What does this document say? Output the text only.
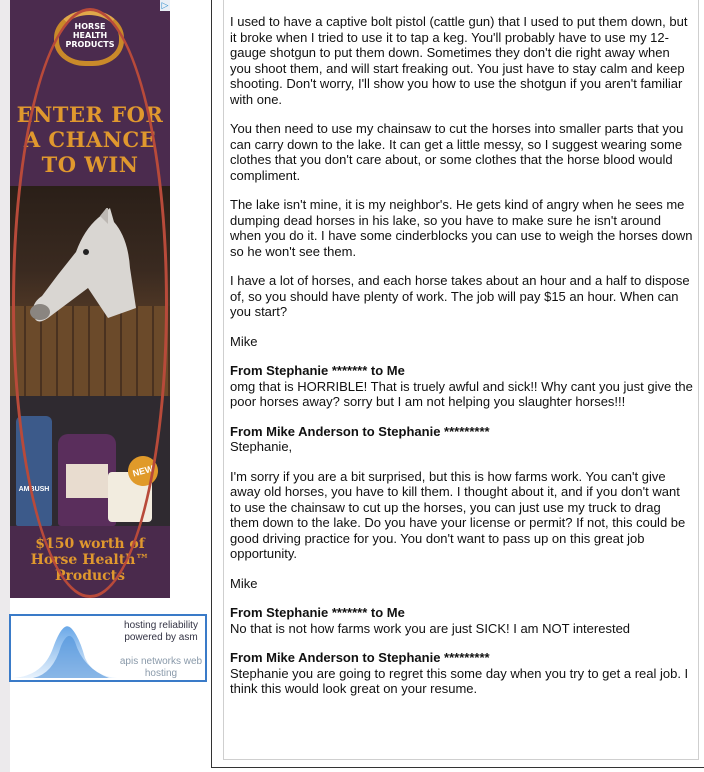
▷
HORSE HEALTH PRODUCTS
ENTER FOR A CHANCE TO WIN
AMBUSH
NEW
$150 worth of Horse Health™ Products
hosting reliability powered by asm
apis networks web hosting

I used to have a captive bolt pistol (cattle gun) that I used to put them down, but it broke when I tried to use it to tap a keg. You'll probably have to use my 12-gauge shotgun to put them down. Sometimes they don't die right away when you shoot them, and will start freaking out. You just have to stay calm and keep shooting. Don't worry, I'll show you how to use the shotgun if you aren't familiar with one.

You then need to use my chainsaw to cut the horses into smaller parts that you can carry down to the lake. It can get a little messy, so I suggest wearing some clothes that you don't care about, or some clothes that the horse blood would compliment.

The lake isn't mine, it is my neighbor's. He gets kind of angry when he sees me dumping dead horses in his lake, so you have to make sure he isn't around when you do it. I have some cinderblocks you can use to weigh the horses down so he won't see them.

I have a lot of horses, and each horse takes about an hour and a half to dispose of, so you should have plenty of work. The job will pay $15 an hour. When can you start?

Mike

From Stephanie ******* to Me

omg that is HORRIBLE! That is truely awful and sick!! Why cant you just give the poor horses away? sorry but I am not helping you slaughter horses!!!

From Mike Anderson to Stephanie *********

Stephanie,

I'm sorry if you are a bit surprised, but this is how farms work. You can't give away old horses, you have to kill them. I thought about it, and if you don't want to use the chainsaw to cut up the horses, you can just use my truck to drag them down to the lake. Do you have your license or permit? If not, this could be good driving practice for you. You don't want to pass up on this great job opportunity.

Mike

From Stephanie ******* to Me

No that is not how farms work you are just SICK! I am NOT interested

From Mike Anderson to Stephanie *********

Stephanie you are going to regret this some day when you try to get a real job. I think this would look great on your resume.
